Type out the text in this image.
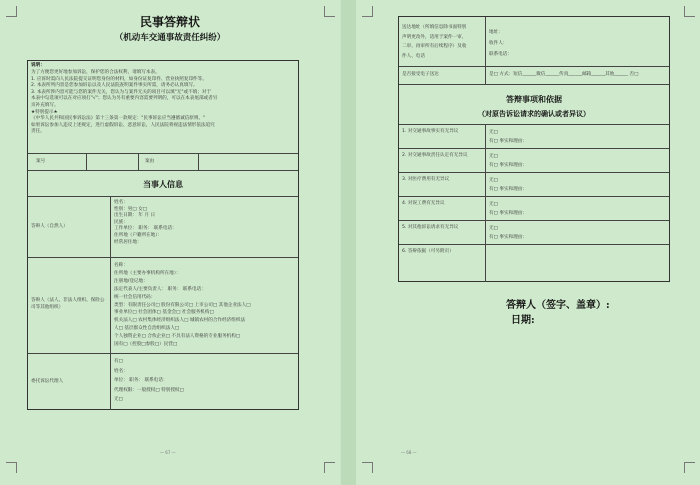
民事答辩状
（机动车交通事故责任纠纷）
说明：
为了方便您更好地参加诉讼，保护您的合法权利，请填写本表。
1. 应诉时需向人民法院提交证明您身份的材料，如身份证复印件、营业执照复印件等。
2. 本表所列内容是您参加诉讼以及人民法院查明案件事实所需，请务必认真填写。
3. 本表所涉内容可能与您的案件无关，您认为与案件无关的项目可以填"无"或不填；对于
本表中勾选项可以在对应项打"√"；您认为另有重要内容需要列明的，可以在本表尾部或者另
页补充填写。
★特别提示★
《中华人民共和国民事诉讼法》第十三条第一款规定："民事诉讼应当遵循诚信原则。"
如果诉讼参加人违反上述规定，进行虚假诉讼、恶意诉讼，人民法院将视违法情形依法追究
责任。
案号	案由
当事人信息
答辩人（自然人）
姓名：
性别：男□ 女□
出生日期： 年 月 日
民族：
工作单位： 职务： 联系电话：
住所地（户籍所在地）：
经常居住地：
答辩人（法人、非法人组织、保险公司等其他组织）
名称：
住所地（主要办事机构所在地）：
注册地/登记地：
法定代表人/主要负责人： 职务： 联系电话：
统一社会信用代码：
类型：有限责任公司□ 股份有限公司□ 上市公司□ 其他企业法人□
事业单位□ 社会团体□ 基金会□ 社会服务机构□
机关法人□ 农村集体经济组织法人□ 城镇农村的合作经济组织法
人□ 基层群众性自治组织法人□
个人独资企业□ 合伙企业□ 不具有法人资格的专业服务机构□
国有□（控股□参股□）民营□
委托诉讼代理人
有□
姓名：
单位： 职务： 联系电话：
代理权限：一般授权□ 特别授权□
无□
— 67 —
送达地址（所填信息除书面特别
声明更改外，适用于案件一审、
二审、再审所有后续程序）及收
件人、电话
地址：
收件人：
联系电话：
是否接受电子送达	是□ 方式：短信______微信______传真______邮箱______其他______ 否□
答辩事项和依据
（对原告诉讼请求的确认或者异议）
1. 对交通事故事实有无异议	无□
有□ 事实和理由：
2. 对交通事故责任认定有无异议	无□
有□ 事实和理由：
3. 对医疗费用有无异议	无□
有□ 事实和理由：
4. 对误工费有无异议	无□
有□ 事实和理由：
5. 对其他诉讼请求有无异议	无□
有□ 事实和理由：
6. 答辩依据（可另附页）
答辩人（签字、盖章）:
日期:
— 68 —
